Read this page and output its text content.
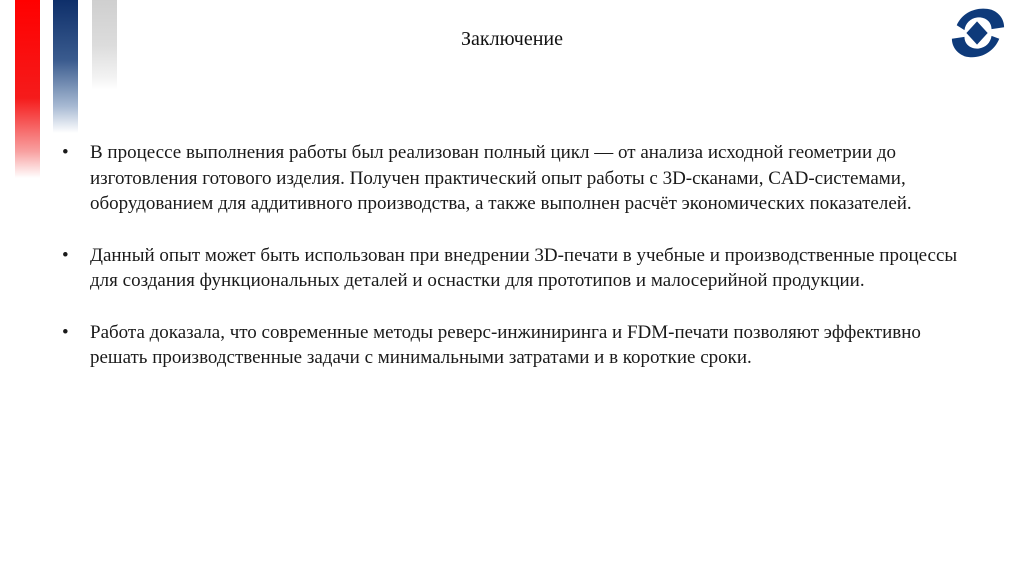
Заключение
•	В процессе выполнения работы был реализован полный цикл — от анализа исходной геометрии до изготовления готового изделия. Получен практический опыт работы с 3D-сканами, CAD-системами, оборудованием для аддитивного производства, а также выполнен расчёт экономических показателей.
•	Данный опыт может быть использован при внедрении 3D-печати в учебные и производственные процессы для создания функциональных деталей и оснастки для прототипов и малосерийной продукции.
•	Работа доказала, что современные методы реверс-инжиниринга и FDM-печати позволяют эффективно решать производственные задачи с минимальными затратами и в короткие сроки.
